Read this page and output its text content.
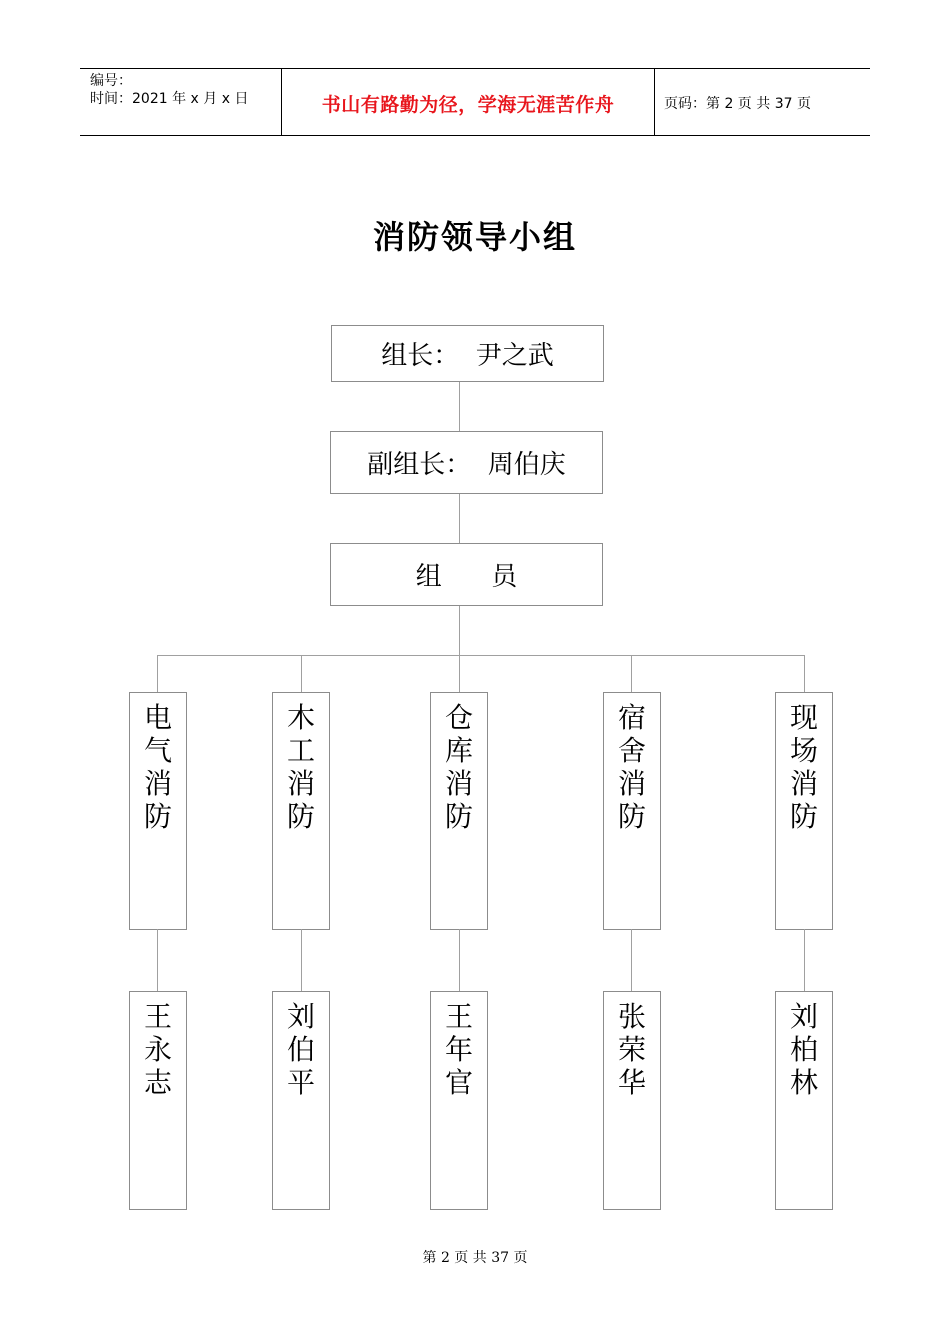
编号：
时间：2021 年 x 月 x 日	书山有路勤为径，学海无涯苦作舟	页码：第 2 页 共 37 页
消防领导小组
组长：  尹之武
副组长：  周伯庆
组      员
电气消防
王永志
木工消防
刘伯平
仓库消防
王年官
宿舍消防
张荣华
现场消防
刘柏林
第 2 页 共 37 页
